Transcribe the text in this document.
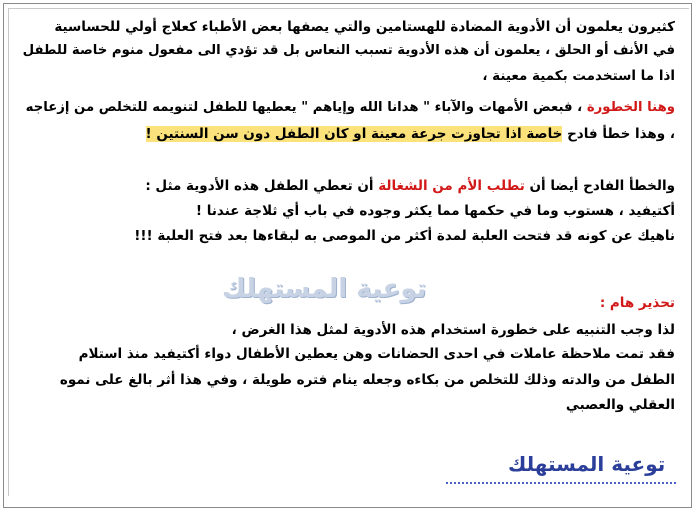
كثيرون يعلمون أن الأدوية المضادة للهستامين والتي يصفها بعض الأطباء كعلاج أولي للحساسية
في الأنف أو الحلق ، يعلمون أن هذه الأدوية تسبب النعاس بل قد تؤدي الى مفعول منوم خاصة للطفل
اذا ما استخدمت بكمية معينة ،
وهنا الخطورة ، فبعض الأمهات والآباء " هدانا الله وإياهم " يعطيها للطفل لتنويمه للتخلص من إزعاجه
، وهذا خطأ فادح خاصة اذا تجاوزت جرعة معينة او كان الطفل دون سن السنتين !
والخطأ الفادح أيضا أن تطلب الأم من الشغالة أن تعطي الطفل هذه الأدوية مثل :
أكتيفيد ، هستوب وما في حكمها مما يكثر وجوده في باب أي ثلاجة عندنا !
ناهيك عن كونه قد فتحت العلبة لمدة أكثر من الموصى به لبقاءها بعد فتح العلبة !!!
توعية المستهلك	تحذير هام :
لذا وجب التنبيه على خطورة استخدام هذه الأدوية لمثل هذا الغرض ،
فقد تمت ملاحظة عاملات في احدى الحضانات وهن يعطين الأطفال دواء أكتيفيد منذ استلام
الطفل من والدته وذلك للتخلص من بكاءه وجعله ينام فتره طويلة ، وفي هذا أثر بالغ على نموه
العقلي والعصبي
توعية المستهلك
